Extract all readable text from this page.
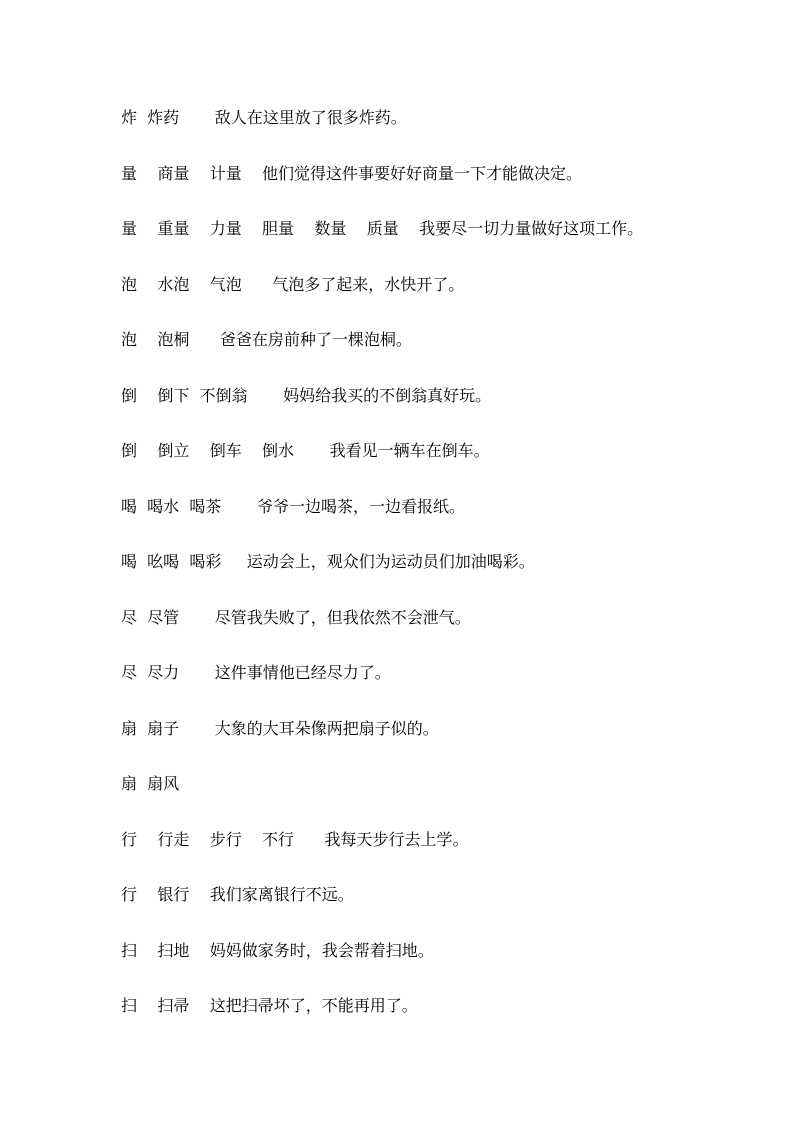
炸  炸药       敌人在这里放了很多炸药。
量    商量    计量    他们觉得这件事要好好商量一下才能做决定。
量    重量    力量    胆量    数量    质量    我要尽一切力量做好这项工作。
泡    水泡    气泡      气泡多了起来，水快开了。
泡    泡桐      爸爸在房前种了一棵泡桐。
倒    倒下  不倒翁       妈妈给我买的不倒翁真好玩。
倒    倒立    倒车    倒水       我看见一辆车在倒车。
喝  喝水  喝茶       爷爷一边喝茶，一边看报纸。
喝  吆喝  喝彩     运动会上，观众们为运动员们加油喝彩。
尽  尽管       尽管我失败了，但我依然不会泄气。
尽  尽力       这件事情他已经尽力了。
扇  扇子       大象的大耳朵像两把扇子似的。
扇  扇风
行    行走    步行    不行      我每天步行去上学。
行    银行    我们家离银行不远。
扫    扫地    妈妈做家务时，我会帮着扫地。
扫    扫帚    这把扫帚坏了，不能再用了。
